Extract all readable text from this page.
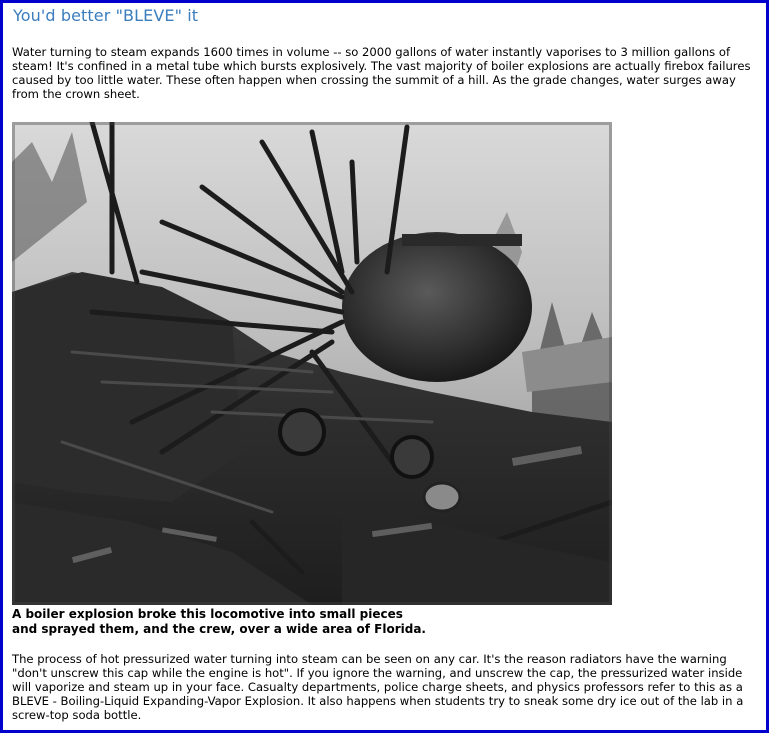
You'd better "BLEVE" it

Water turning to steam expands 1600 times in volume -- so 2000 gallons of water instantly vaporises to 3 million gallons of steam! It's confined in a metal tube which bursts explosively. The vast majority of boiler explosions are actually firebox failures caused by too little water. These often happen when crossing the summit of a hill. As the grade changes, water surges away from the crown sheet.

A boiler explosion broke this locomotive into small pieces
and sprayed them, and the crew, over a wide area of Florida.

The process of hot pressurized water turning into steam can be seen on any car. It's the reason radiators have the warning "don't unscrew this cap while the engine is hot". If you ignore the warning, and unscrew the cap, the pressurized water inside will vaporize and steam up in your face. Casualty departments, police charge sheets, and physics professors refer to this as a BLEVE - Boiling-Liquid Expanding-Vapor Explosion. It also happens when students try to sneak some dry ice out of the lab in a screw-top soda bottle.
